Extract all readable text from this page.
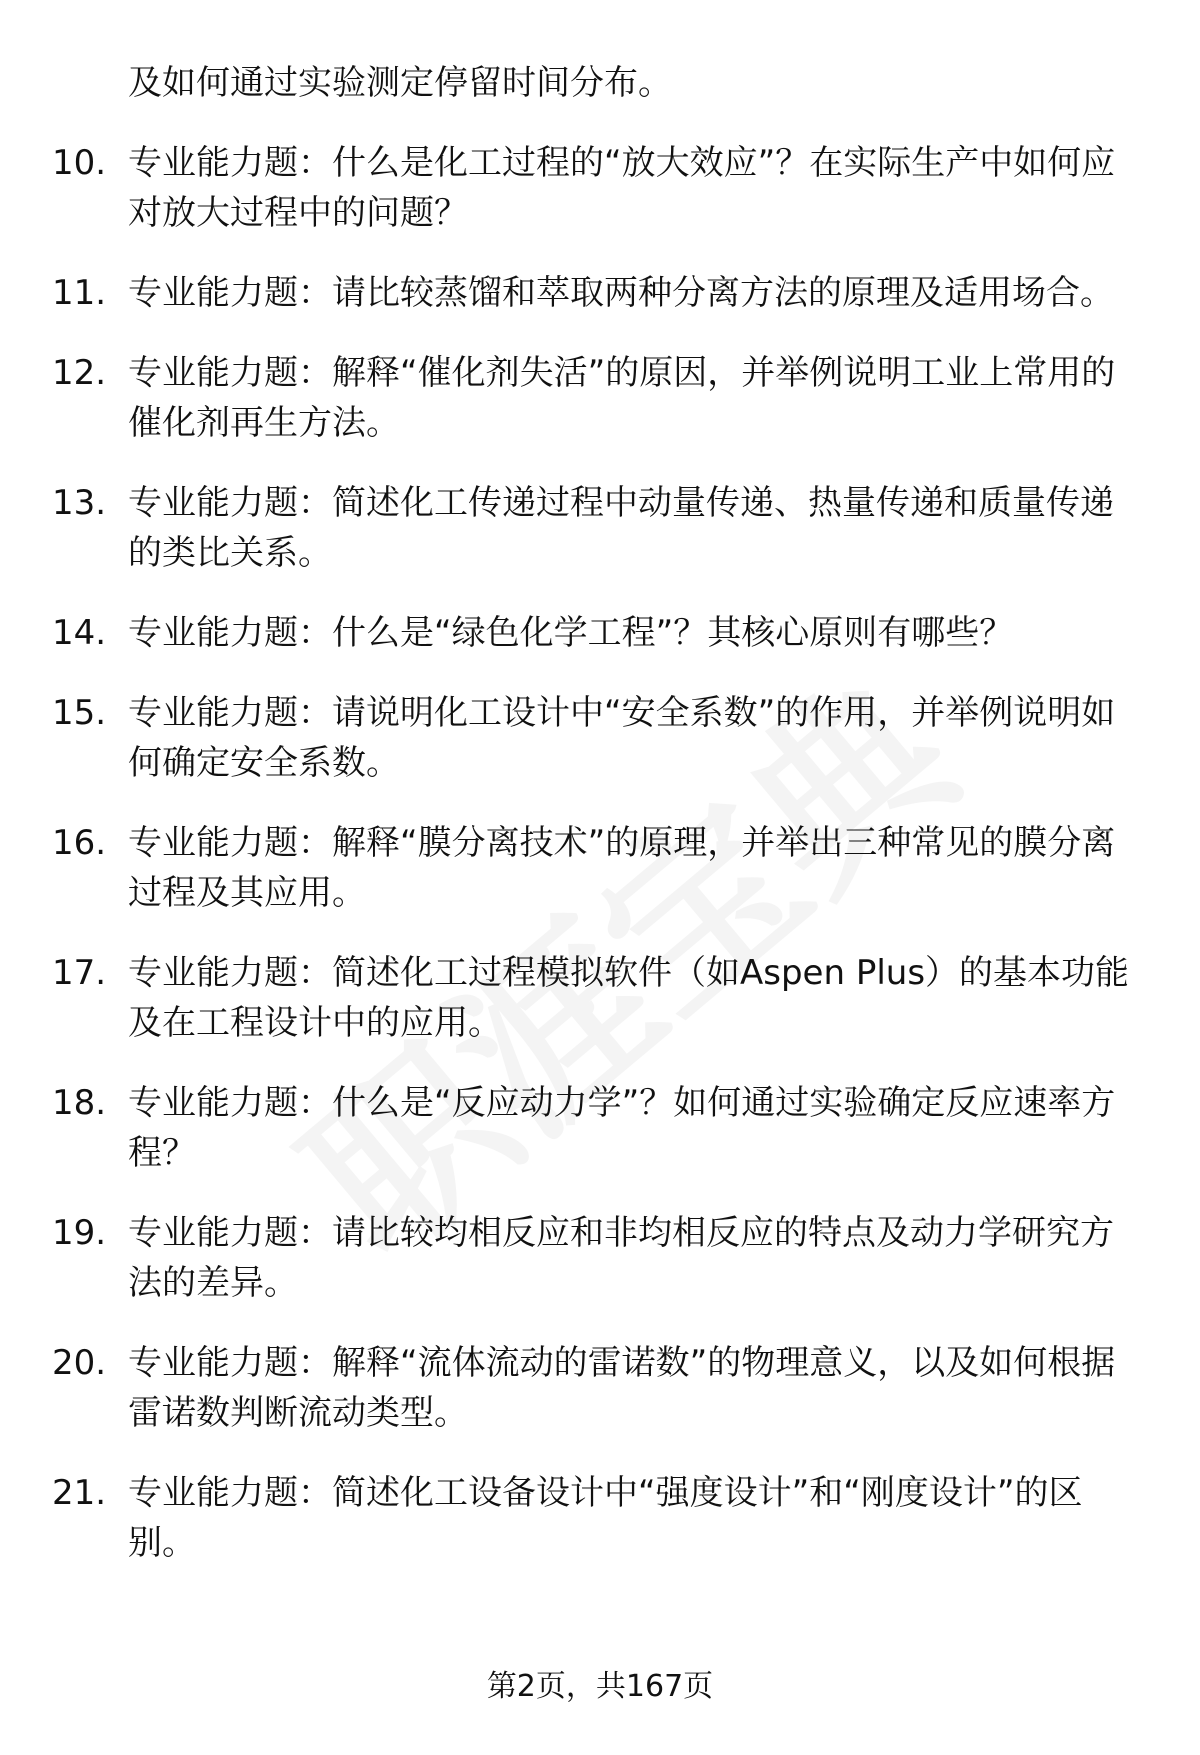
及如何通过实验测定停留时间分布。
10. 专业能力题：什么是化工过程的“放大效应”？在实际生产中如何应对放大过程中的问题？
11. 专业能力题：请比较蒸馏和萃取两种分离方法的原理及适用场合。
12. 专业能力题：解释“催化剂失活”的原因，并举例说明工业上常用的催化剂再生方法。
13. 专业能力题：简述化工传递过程中动量传递、热量传递和质量传递的类比关系。
14. 专业能力题：什么是“绿色化学工程”？其核心原则有哪些？
15. 专业能力题：请说明化工设计中“安全系数”的作用，并举例说明如何确定安全系数。
16. 专业能力题：解释“膜分离技术”的原理，并举出三种常见的膜分离过程及其应用。
17. 专业能力题：简述化工过程模拟软件（如Aspen Plus）的基本功能及在工程设计中的应用。
18. 专业能力题：什么是“反应动力学”？如何通过实验确定反应速率方程？
19. 专业能力题：请比较均相反应和非均相反应的特点及动力学研究方法的差异。
20. 专业能力题：解释“流体流动的雷诺数”的物理意义，以及如何根据雷诺数判断流动类型。
21. 专业能力题：简述化工设备设计中“强度设计”和“刚度设计”的区别。
第2页，共167页
